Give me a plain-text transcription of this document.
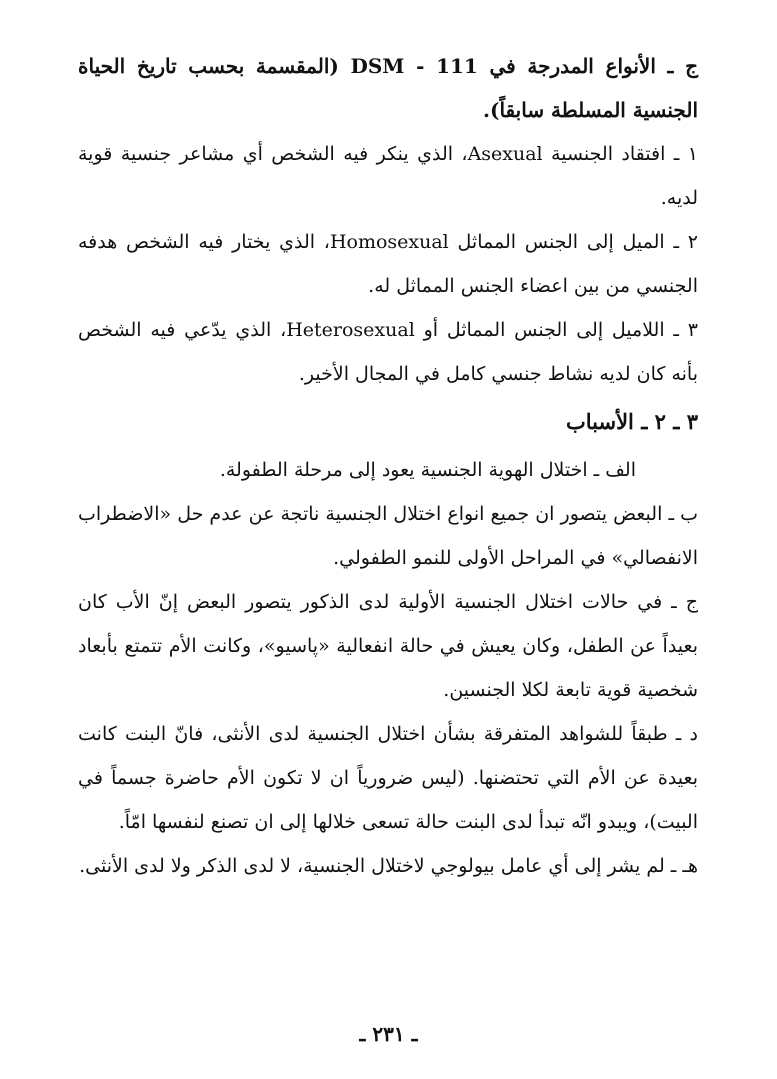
ج ـ الأنواع المدرجة في DSM - 111 (المقسمة بحسب تاريخ الحياة الجنسية المسلطة سابقاً).

١ ـ افتقاد الجنسية Asexual، الذي ينكر فيه الشخص أي مشاعر جنسية قوية لديه.

٢ ـ الميل إلى الجنس المماثل Homosexual، الذي يختار فيه الشخص هدفه الجنسي من بين اعضاء الجنس المماثل له.

٣ ـ اللاميل إلى الجنس المماثل أو Heterosexual، الذي يدّعي فيه الشخص بأنه كان لديه نشاط جنسي كامل في المجال الأخير.

٣ ـ ٢ ـ الأسباب

الف ـ اختلال الهوية الجنسية يعود إلى مرحلة الطفولة.

ب ـ البعض يتصور ان جميع انواع اختلال الجنسية ناتجة عن عدم حل «الاضطراب الانفصالي» في المراحل الأولى للنمو الطفولي.

ج ـ في حالات اختلال الجنسية الأولية لدى الذكور يتصور البعض إنّ الأب كان بعيداً عن الطفل، وكان يعيش في حالة انفعالية «پاسيو»، وكانت الأم تتمتع بأبعاد شخصية قوية تابعة لكلا الجنسين.

د ـ طبقاً للشواهد المتفرقة بشأن اختلال الجنسية لدى الأنثى، فانّ البنت كانت بعيدة عن الأم التي تحتضنها. (ليس ضرورياً ان لا تكون الأم حاضرة جسماً في البيت)، ويبدو انّه تبدأ لدى البنت حالة تسعى خلالها إلى ان تصنع لنفسها امّاً.

هـ ـ لم يشر إلى أي عامل بيولوجي لاختلال الجنسية، لا لدى الذكر ولا لدى الأنثى.

ـ ٢٣١ ـ
